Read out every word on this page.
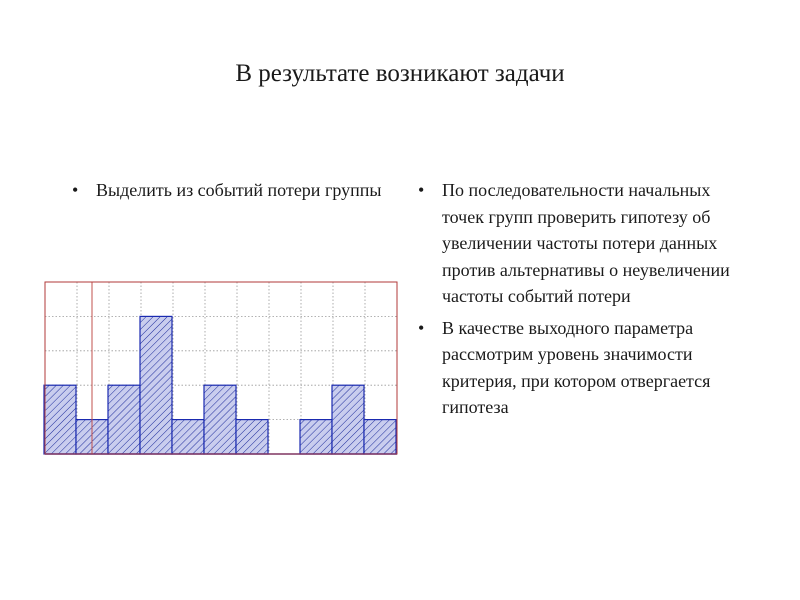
В результате возникают задачи
• Выделить из событий потери группы
•	По последовательности начальных точек групп проверить гипотезу об увеличении частоты потери данных против альтернативы о неувеличении частоты событий потери
• В качестве выходного параметра рассмотрим уровень значимости критерия, при котором отвергается гипотеза
